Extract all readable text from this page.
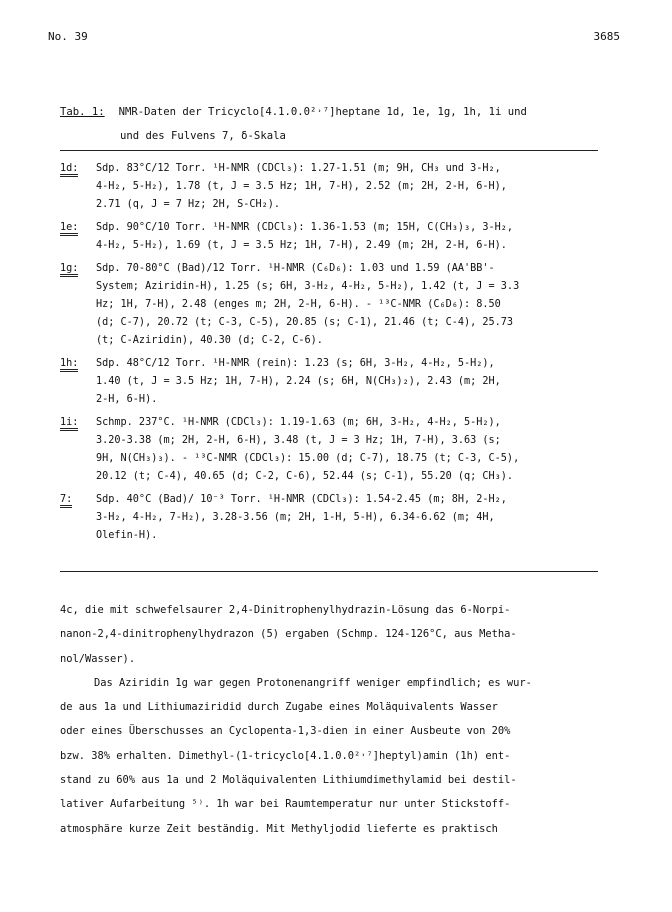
No. 39	3685
Tab. 1: NMR-Daten der Tricyclo[4.1.0.0²˒⁷]heptane 1d, 1e, 1g, 1h, 1i und
und des Fulvens 7, δ-Skala
1d:	Sdp. 83°C/12 Torr. ¹H-NMR (CDCl₃): 1.27-1.51 (m; 9H, CH₃ und 3-H₂,
4-H₂, 5-H₂), 1.78 (t, J = 3.5 Hz; 1H, 7-H), 2.52 (m; 2H, 2-H, 6-H),
2.71 (q, J = 7 Hz; 2H, S-CH₂).
1e:	Sdp. 90°C/10 Torr. ¹H-NMR (CDCl₃): 1.36-1.53 (m; 15H, C(CH₃)₃, 3-H₂,
4-H₂, 5-H₂), 1.69 (t, J = 3.5 Hz; 1H, 7-H), 2.49 (m; 2H, 2-H, 6-H).
1g:	Sdp. 70-80°C (Bad)/12 Torr. ¹H-NMR (C₆D₆): 1.03 und 1.59 (AA'BB'-
System; Aziridin-H), 1.25 (s; 6H, 3-H₂, 4-H₂, 5-H₂), 1.42 (t, J = 3.3
Hz; 1H, 7-H), 2.48 (enges m; 2H, 2-H, 6-H). - ¹³C-NMR (C₆D₆): 8.50
(d; C-7), 20.72 (t; C-3, C-5), 20.85 (s; C-1), 21.46 (t; C-4), 25.73
(t; C-Aziridin), 40.30 (d; C-2, C-6).
1h:	Sdp. 48°C/12 Torr. ¹H-NMR (rein): 1.23 (s; 6H, 3-H₂, 4-H₂, 5-H₂),
1.40 (t, J = 3.5 Hz; 1H, 7-H), 2.24 (s; 6H, N(CH₃)₂), 2.43 (m; 2H,
2-H, 6-H).
1i:	Schmp. 237°C. ¹H-NMR (CDCl₃): 1.19-1.63 (m; 6H, 3-H₂, 4-H₂, 5-H₂),
3.20-3.38 (m; 2H, 2-H, 6-H), 3.48 (t, J = 3 Hz; 1H, 7-H), 3.63 (s;
9H, N(CH₃)₃). - ¹³C-NMR (CDCl₃): 15.00 (d; C-7), 18.75 (t; C-3, C-5),
20.12 (t; C-4), 40.65 (d; C-2, C-6), 52.44 (s; C-1), 55.20 (q; CH₃).
7:	Sdp. 40°C (Bad)/ 10⁻³ Torr. ¹H-NMR (CDCl₃): 1.54-2.45 (m; 8H, 2-H₂,
3-H₂, 4-H₂, 7-H₂), 3.28-3.56 (m; 2H, 1-H, 5-H), 6.34-6.62 (m; 4H,
Olefin-H).
4c, die mit schwefelsaurer 2,4-Dinitrophenylhydrazin-Lösung das 6-Norpi-
nanon-2,4-dinitrophenylhydrazon (5) ergaben (Schmp. 124-126°C, aus Metha-
nol/Wasser).
Das Aziridin 1g war gegen Protonenangriff weniger empfindlich; es wur-
de aus 1a und Lithiumaziridid durch Zugabe eines Moläquivalents Wasser
oder eines Überschusses an Cyclopenta-1,3-dien in einer Ausbeute von 20%
bzw. 38% erhalten. Dimethyl-(1-tricyclo[4.1.0.0²˒⁷]heptyl)amin (1h) ent-
stand zu 60% aus 1a und 2 Moläquivalenten Lithiumdimethylamid bei destil-
lativer Aufarbeitung ⁵⁾. 1h war bei Raumtemperatur nur unter Stickstoff-
atmosphäre kurze Zeit beständig. Mit Methyljodid lieferte es praktisch
